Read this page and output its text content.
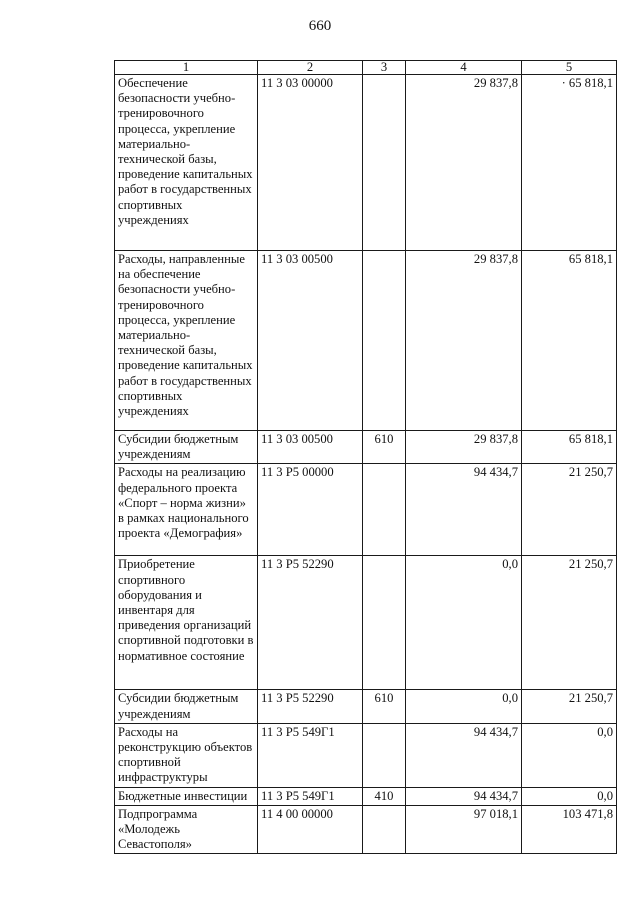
660
1	2	3	4	5
Обеспечение безопасности учебно-тренировочного процесса, укрепление материально-технической базы, проведение капитальных работ в государственных спортивных учреждениях	11 3 03 00000		29 837,8	· 65 818,1
Расходы, направленные на обеспечение безопасности учебно-тренировочного процесса, укрепление материально-технической базы, проведение капитальных работ в государственных спортивных учреждениях	11 3 03 00500		29 837,8	65 818,1
Субсидии бюджетным учреждениям	11 3 03 00500	610	29 837,8	65 818,1
Расходы на реализацию федерального проекта «Спорт – норма жизни» в рамках национального проекта «Демография»	11 3 P5 00000		94 434,7	21 250,7
Приобретение спортивного оборудования и инвентаря для приведения организаций спортивной подготовки в нормативное состояние	11 3 P5 52290		0,0	21 250,7
Субсидии бюджетным учреждениям	11 3 P5 52290	610	0,0	21 250,7
Расходы на реконструкцию объектов спортивной инфраструктуры	11 3 P5 549Г1		94 434,7	0,0
Бюджетные инвестиции	11 3 P5 549Г1	410	94 434,7	0,0
Подпрограмма «Молодежь Севастополя»	11 4 00 00000		97 018,1	103 471,8
